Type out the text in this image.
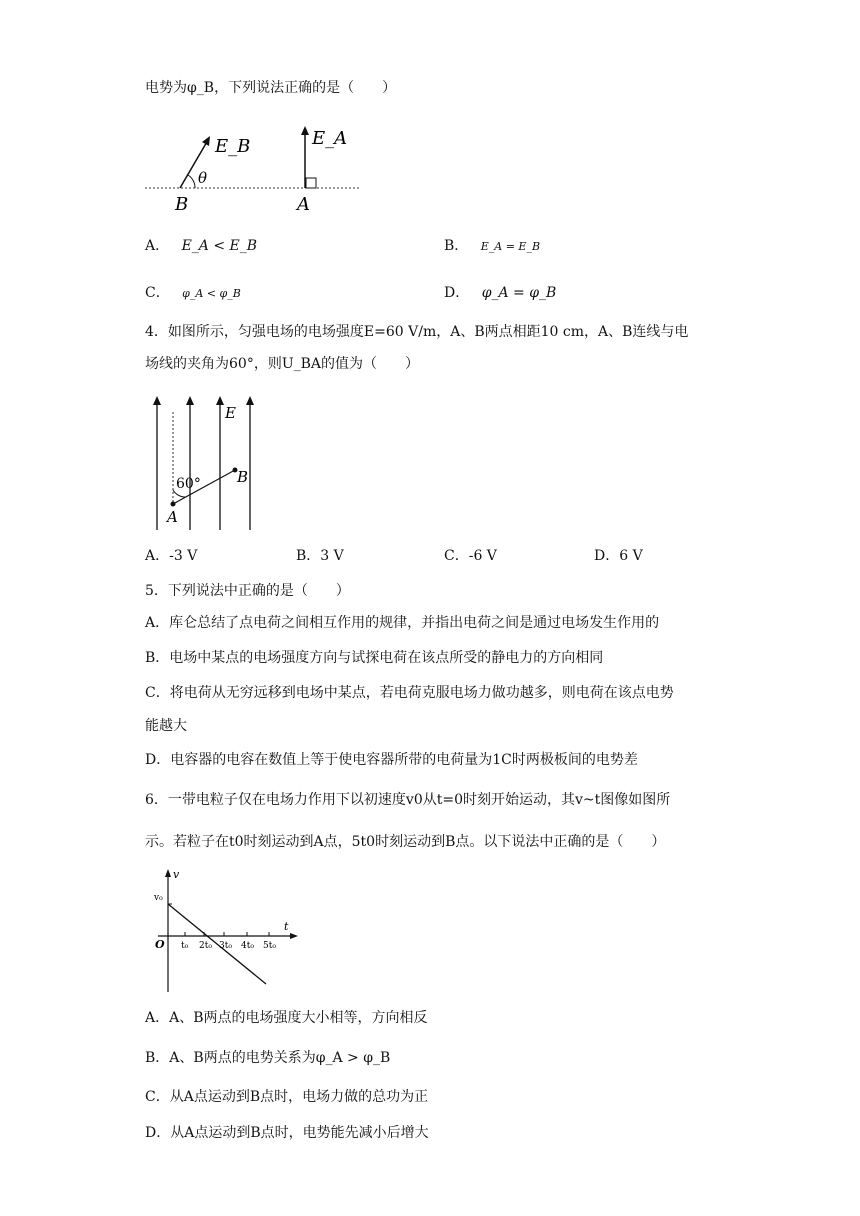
电势为φ_B，下列说法正确的是（　　）
E_B
θ
B
E_A
A
A． E_A < E_B	B． E_A = E_B
C． φ_A < φ_B	D． φ_A = φ_B
4．如图所示，匀强电场的电场强度E=60 V/m，A、B两点相距10 cm，A、B连线与电
场线的夹角为60°，则U_BA的值为（　　）
E
60°
A
B
A．-3 V	B．3 V	C．-6 V	D．6 V
5．下列说法中正确的是（　　）
A．库仑总结了点电荷之间相互作用的规律，并指出电荷之间是通过电场发生作用的
B．电场中某点的电场强度方向与试探电荷在该点所受的静电力的方向相同
C．将电荷从无穷远移到电场中某点，若电荷克服电场力做功越多，则电荷在该点电势
能越大
D．电容器的电容在数值上等于使电容器所带的电荷量为1C时两极板间的电势差
6．一带电粒子仅在电场力作用下以初速度v0从t=0时刻开始运动，其v~t图像如图所
示。若粒子在t0时刻运动到A点，5t0时刻运动到B点。以下说法中正确的是（　　）
v
t
O
v₀
t₀ 2t₀ 3t₀ 4t₀ 5t₀
A．A、B两点的电场强度大小相等，方向相反
B．A、B两点的电势关系为φ_A > φ_B
C．从A点运动到B点时，电场力做的总功为正
D．从A点运动到B点时，电势能先减小后增大
